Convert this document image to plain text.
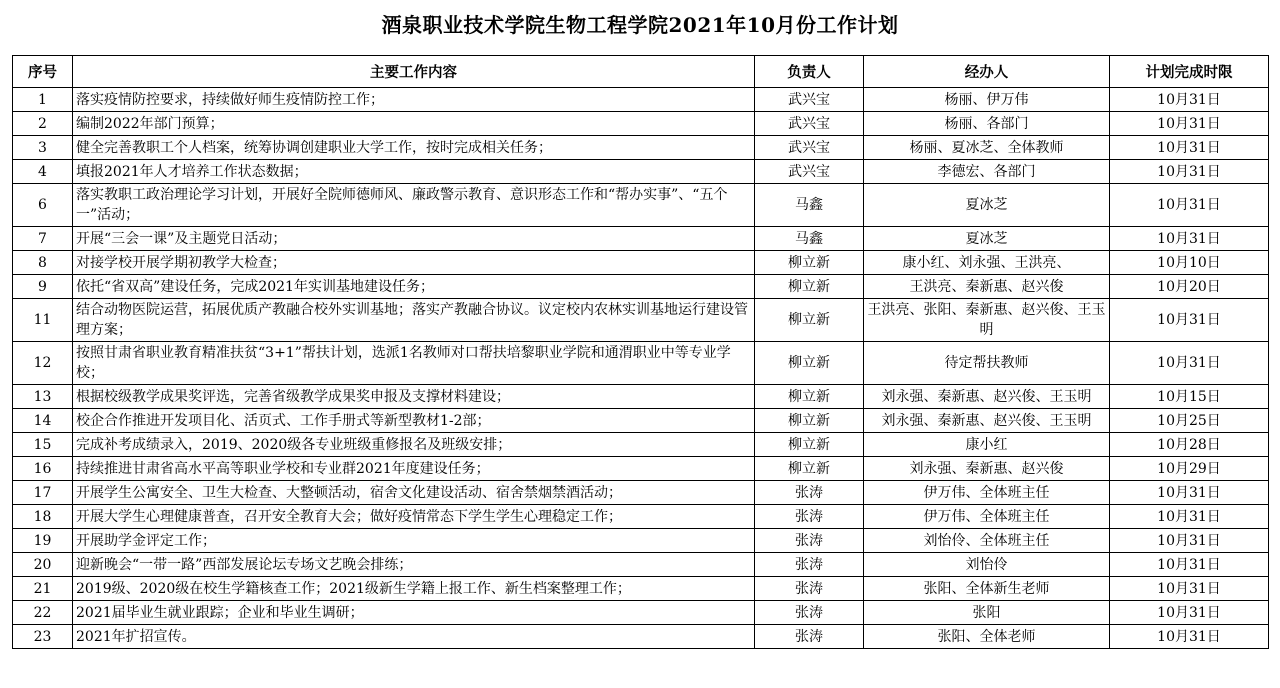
酒泉职业技术学院生物工程学院2021年10月份工作计划
序号	主要工作内容	负责人	经办人	计划完成时限
1	落实疫情防控要求，持续做好师生疫情防控工作；	武兴宝	杨丽、伊万伟	10月31日
2	编制2022年部门预算；	武兴宝	杨丽、各部门	10月31日
3	健全完善教职工个人档案，统筹协调创建职业大学工作，按时完成相关任务；	武兴宝	杨丽、夏冰芝、全体教师	10月31日
4	填报2021年人才培养工作状态数据；	武兴宝	李德宏、各部门	10月31日
6	落实教职工政治理论学习计划，开展好全院师德师风、廉政警示教育、意识形态工作和“帮办实事”、“五个一”活动；	马鑫	夏冰芝	10月31日
7	开展“三会一课”及主题党日活动；	马鑫	夏冰芝	10月31日
8	对接学校开展学期初教学大检查；	柳立新	康小红、刘永强、王洪亮、	10月10日
9	依托“省双高”建设任务，完成2021年实训基地建设任务；	柳立新	王洪亮、秦新惠、赵兴俊	10月20日
11	结合动物医院运营，拓展优质产教融合校外实训基地；落实产教融合协议。议定校内农林实训基地运行建设管理方案；	柳立新	王洪亮、张阳、秦新惠、赵兴俊、王玉明	10月31日
12	按照甘肃省职业教育精准扶贫“3+1”帮扶计划，选派1名教师对口帮扶培黎职业学院和通渭职业中等专业学校；	柳立新	待定帮扶教师	10月31日
13	根据校级教学成果奖评选，完善省级教学成果奖申报及支撑材料建设；	柳立新	刘永强、秦新惠、赵兴俊、王玉明	10月15日
14	校企合作推进开发项目化、活页式、工作手册式等新型教材1-2部；	柳立新	刘永强、秦新惠、赵兴俊、王玉明	10月25日
15	完成补考成绩录入，2019、2020级各专业班级重修报名及班级安排；	柳立新	康小红	10月28日
16	持续推进甘肃省高水平高等职业学校和专业群2021年度建设任务；	柳立新	刘永强、秦新惠、赵兴俊	10月29日
17	开展学生公寓安全、卫生大检查、大整顿活动，宿舍文化建设活动、宿舍禁烟禁酒活动；	张涛	伊万伟、全体班主任	10月31日
18	开展大学生心理健康普查，召开安全教育大会；做好疫情常态下学生学生心理稳定工作；	张涛	伊万伟、全体班主任	10月31日
19	开展助学金评定工作；	张涛	刘怡伶、全体班主任	10月31日
20	迎新晚会“一带一路”西部发展论坛专场文艺晚会排练；	张涛	刘怡伶	10月31日
21	2019级、2020级在校生学籍核查工作；2021级新生学籍上报工作、新生档案整理工作；	张涛	张阳、全体新生老师	10月31日
22	2021届毕业生就业跟踪；企业和毕业生调研；	张涛	张阳	10月31日
23	2021年扩招宣传。	张涛	张阳、全体老师	10月31日
